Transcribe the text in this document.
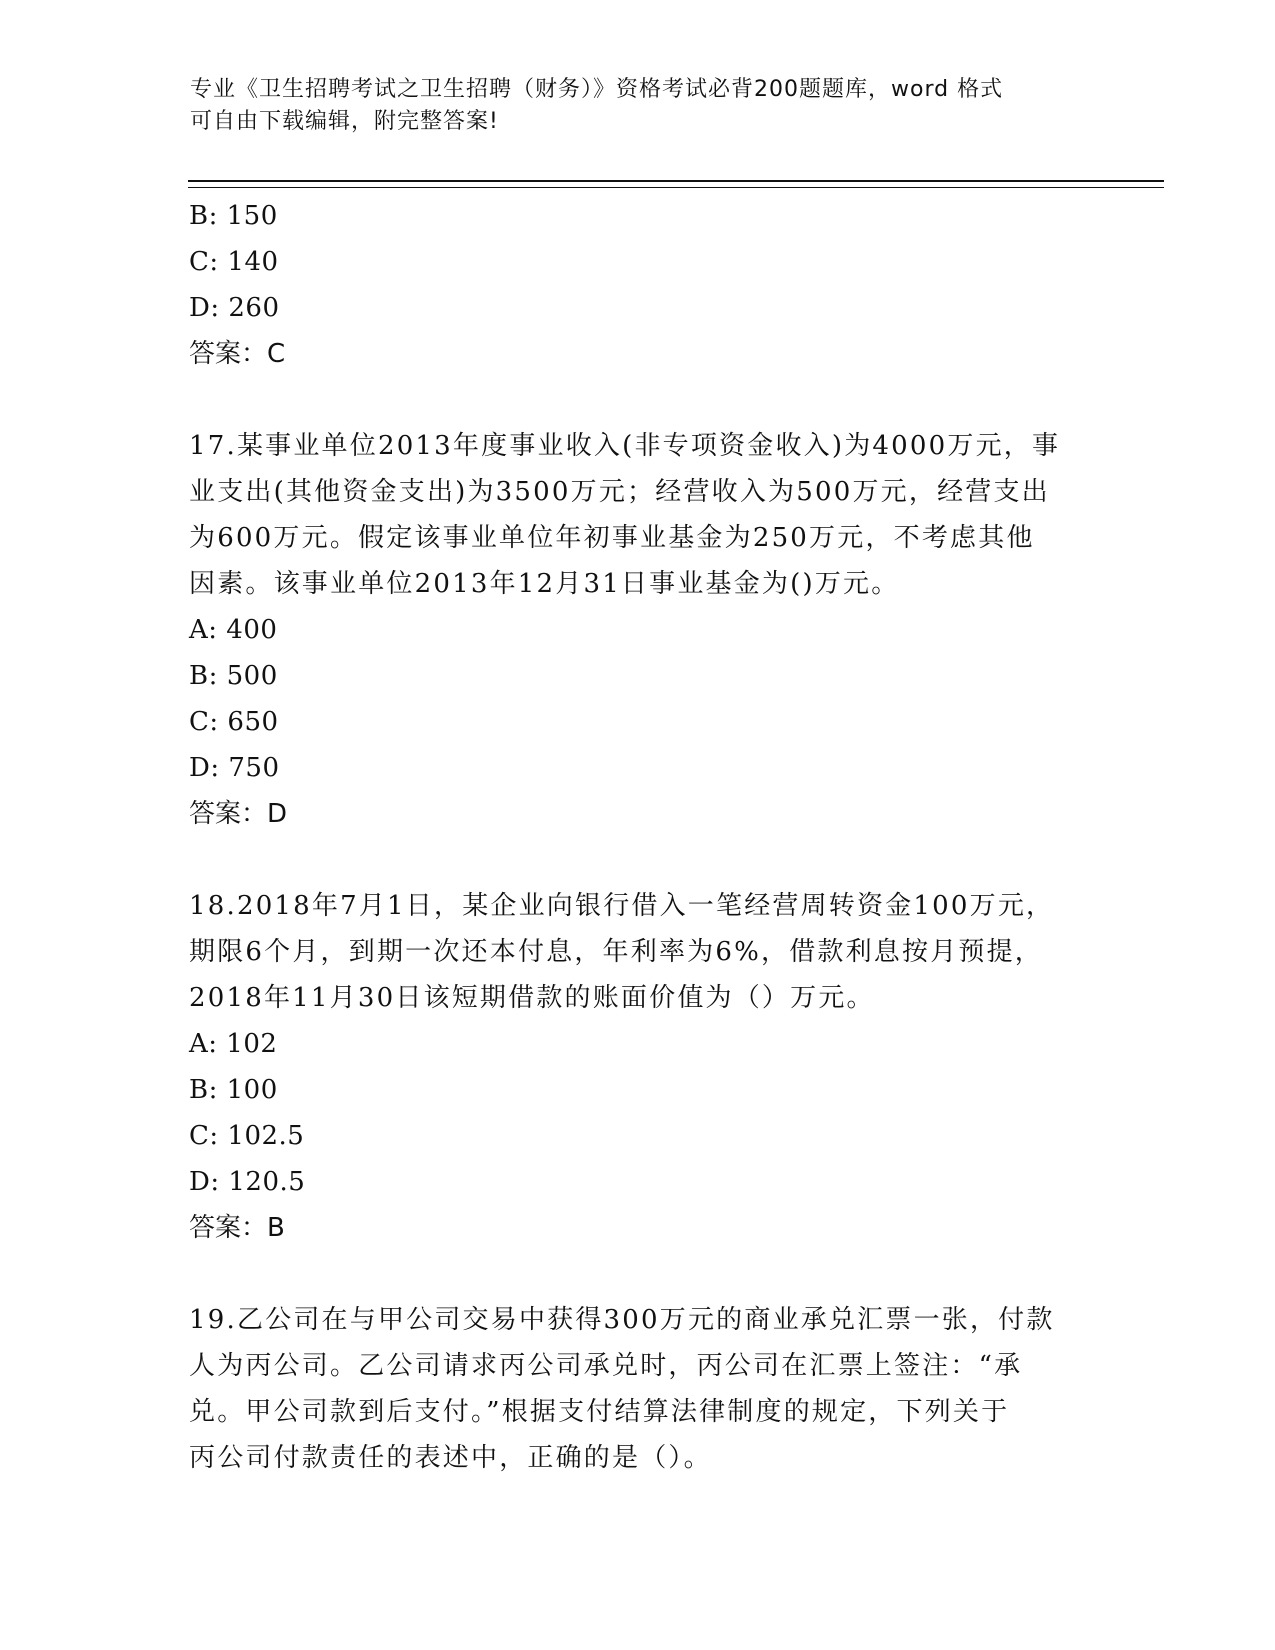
专业《卫生招聘考试之卫生招聘（财务）》资格考试必背200题题库，word 格式
可自由下载编辑，附完整答案!
B: 150
C: 140
D: 260
答案：C
17.某事业单位2013年度事业收入(非专项资金收入)为4000万元，事
业支出(其他资金支出)为3500万元；经营收入为500万元，经营支出
为600万元。假定该事业单位年初事业基金为250万元，不考虑其他
因素。该事业单位2013年12月31日事业基金为()万元。
A: 400
B: 500
C: 650
D: 750
答案：D
18.2018年7月1日，某企业向银行借入一笔经营周转资金100万元，
期限6个月，到期一次还本付息，年利率为6%，借款利息按月预提，
2018年11月30日该短期借款的账面价值为（）万元。
A: 102
B: 100
C: 102.5
D: 120.5
答案：B
19.乙公司在与甲公司交易中获得300万元的商业承兑汇票一张，付款
人为丙公司。乙公司请求丙公司承兑时，丙公司在汇票上签注：“承
兑。甲公司款到后支付。”根据支付结算法律制度的规定，下列关于
丙公司付款责任的表述中，正确的是（）。
